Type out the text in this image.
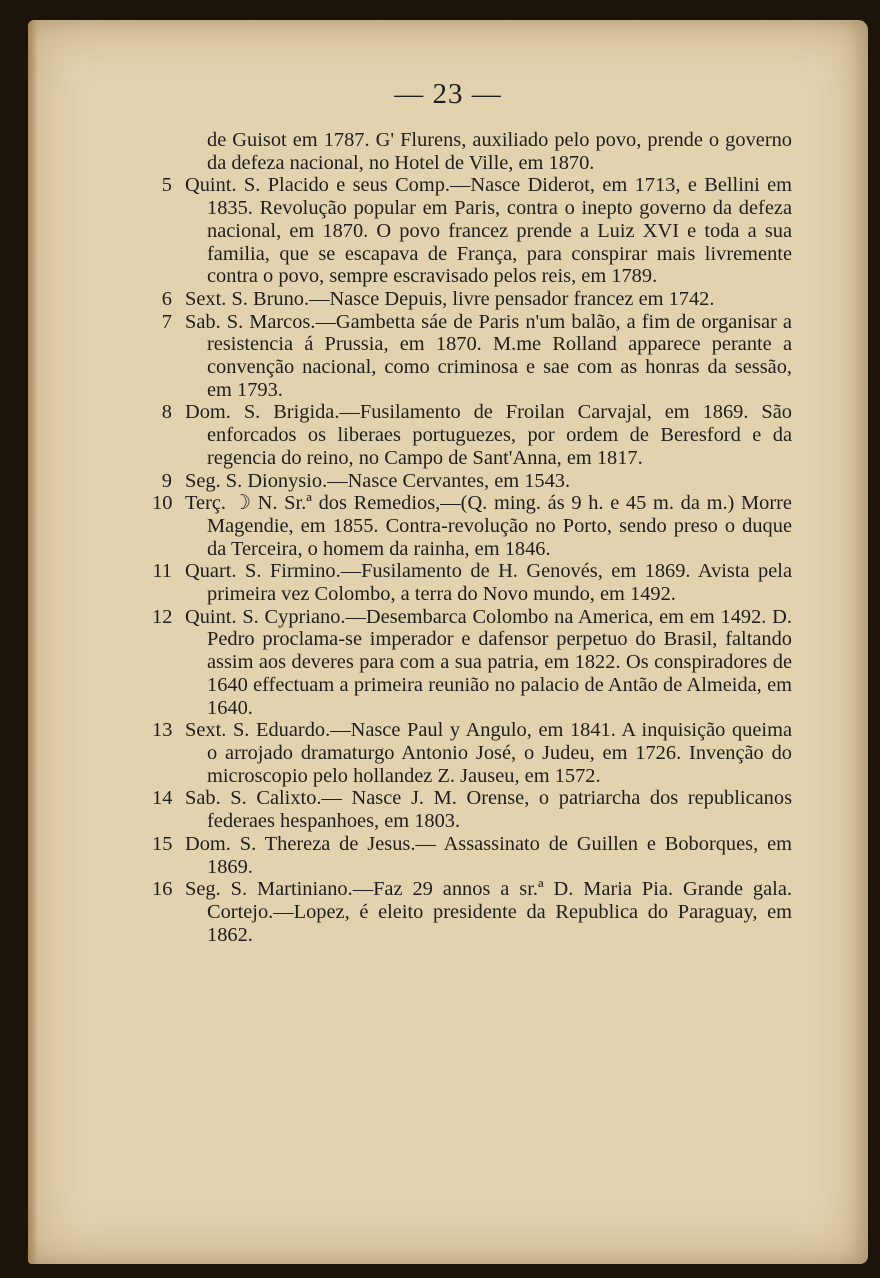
— 23 —
de Guisot em 1787. G' Flurens, auxiliado pelo povo, prende o governo da defeza nacional, no Hotel de Ville, em 1870.
5 Quint. S. Placido e seus Comp.—Nasce Diderot, em 1713, e Bellini em 1835. Revolução popular em Paris, contra o inepto governo da defeza nacional, em 1870. O povo francez prende a Luiz XVI e toda a sua familia, que se escapava de França, para conspirar mais livremente contra o povo, sempre escravisado pelos reis, em 1789.
6 Sext. S. Bruno.—Nasce Depuis, livre pensador francez em 1742.
7 Sab. S. Marcos.—Gambetta sáe de Paris n'um balão, a fim de organisar a resistencia á Prussia, em 1870. M.me Rolland apparece perante a convenção nacional, como criminosa e sae com as honras da sessão, em 1793.
8 Dom. S. Brigida.—Fusilamento de Froilan Carvajal, em 1869. São enforcados os liberaes portuguezes, por ordem de Beresford e da regencia do reino, no Campo de Sant'Anna, em 1817.
9 Seg. S. Dionysio.—Nasce Cervantes, em 1543.
10 Terç. ☽ N. Sr.ª dos Remedios,—(Q. ming. ás 9 h. e 45 m. da m.) Morre Magendie, em 1855. Contra-revolução no Porto, sendo preso o duque da Terceira, o homem da rainha, em 1846.
11 Quart. S. Firmino.—Fusilamento de H. Genovés, em 1869. Avista pela primeira vez Colombo, a terra do Novo mundo, em 1492.
12 Quint. S. Cypriano.—Desembarca Colombo na America, em em 1492. D. Pedro proclama-se imperador e dafensor perpetuo do Brasil, faltando assim aos deveres para com a sua patria, em 1822. Os conspiradores de 1640 effectuam a primeira reunião no palacio de Antão de Almeida, em 1640.
13 Sext. S. Eduardo.—Nasce Paul y Angulo, em 1841. A inquisição queima o arrojado dramaturgo Antonio José, o Judeu, em 1726. Invenção do microscopio pelo hollandez Z. Jauseu, em 1572.
14 Sab. S. Calixto.— Nasce J. M. Orense, o patriarcha dos republicanos federaes hespanhoes, em 1803.
15 Dom. S. Thereza de Jesus.— Assassinato de Guillen e Boborques, em 1869.
16 Seg. S. Martiniano.—Faz 29 annos a sr.ª D. Maria Pia. Grande gala. Cortejo.—Lopez, é eleito presidente da Republica do Paraguay, em 1862.
